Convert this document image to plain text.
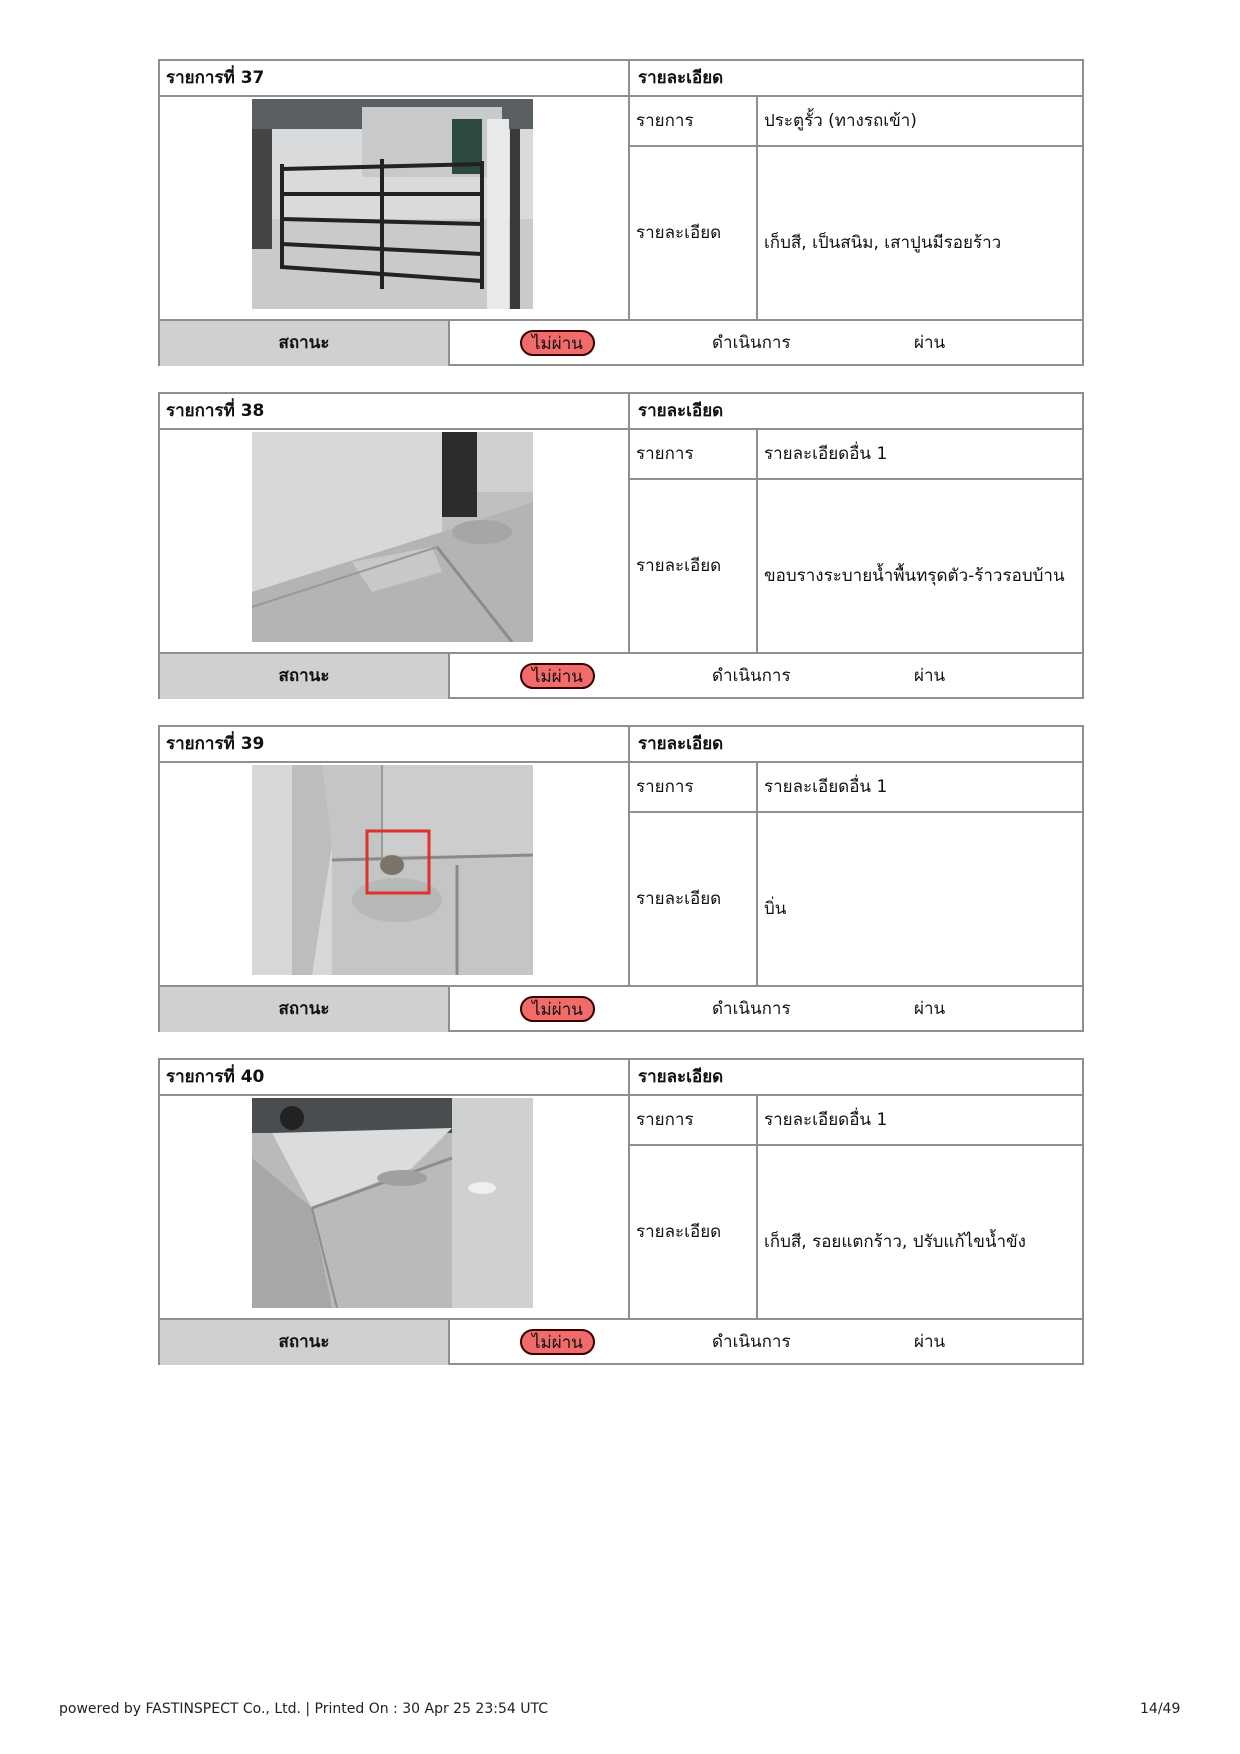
รายการที่ 37	รายละเอียด
รายการ	ประตูรั้ว (ทางรถเข้า)
รายละเอียด	เก็บสี, เป็นสนิม, เสาปูนมีรอยร้าว
สถานะ	ไม่ผ่าน	ดำเนินการ	ผ่าน
รายการที่ 38	รายละเอียด
รายการ	รายละเอียดอื่น 1
รายละเอียด	ขอบรางระบายน้ำพื้นทรุดตัว-ร้าวรอบบ้าน
สถานะ	ไม่ผ่าน	ดำเนินการ	ผ่าน
รายการที่ 39	รายละเอียด
รายการ	รายละเอียดอื่น 1
รายละเอียด	บิ่น
สถานะ	ไม่ผ่าน	ดำเนินการ	ผ่าน
รายการที่ 40	รายละเอียด
รายการ	รายละเอียดอื่น 1
รายละเอียด	เก็บสี, รอยแตกร้าว, ปรับแก้ไขน้ำขัง
สถานะ	ไม่ผ่าน	ดำเนินการ	ผ่าน
powered by FASTINSPECT Co., Ltd. | Printed On : 30 Apr 25 23:54 UTC	14/49
